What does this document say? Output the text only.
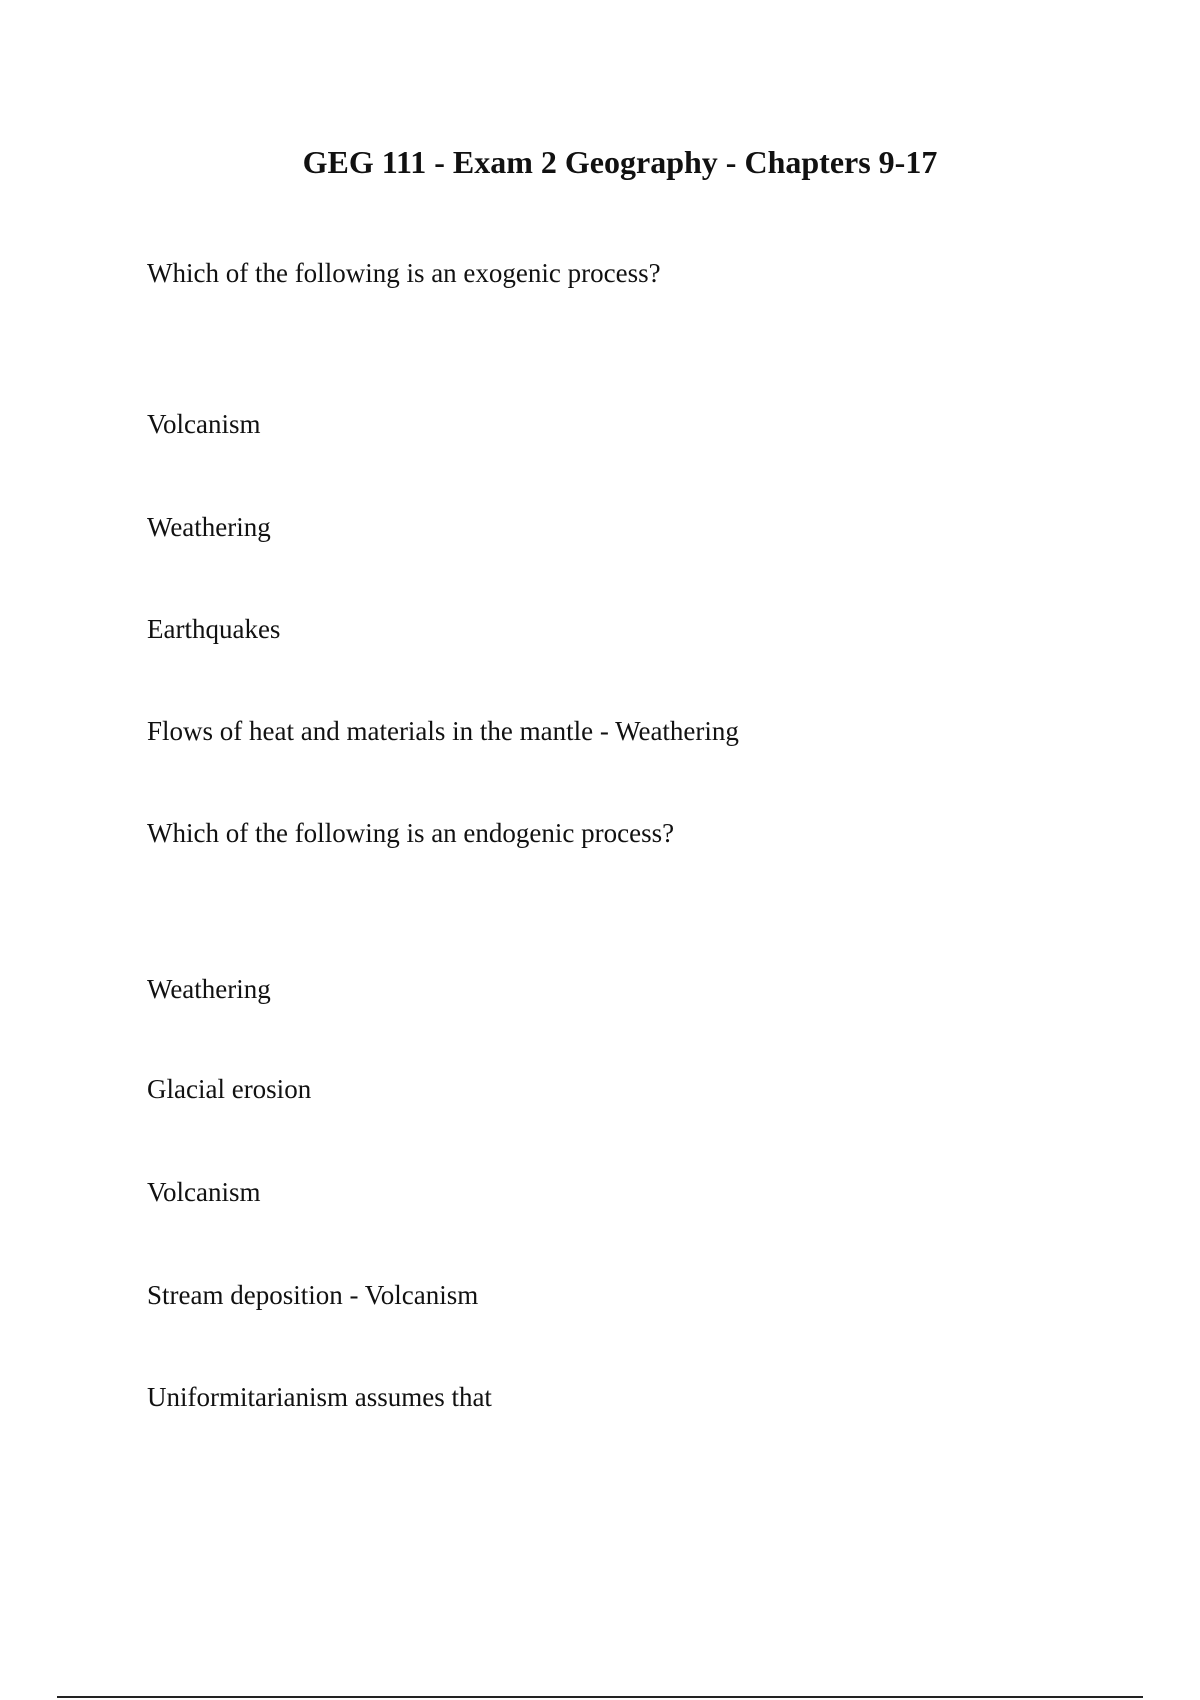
GEG 111 - Exam 2 Geography - Chapters 9-17
Which of the following is an exogenic process?
Volcanism
Weathering
Earthquakes
Flows of heat and materials in the mantle - Weathering
Which of the following is an endogenic process?
Weathering
Glacial erosion
Volcanism
Stream deposition - Volcanism
Uniformitarianism assumes that
